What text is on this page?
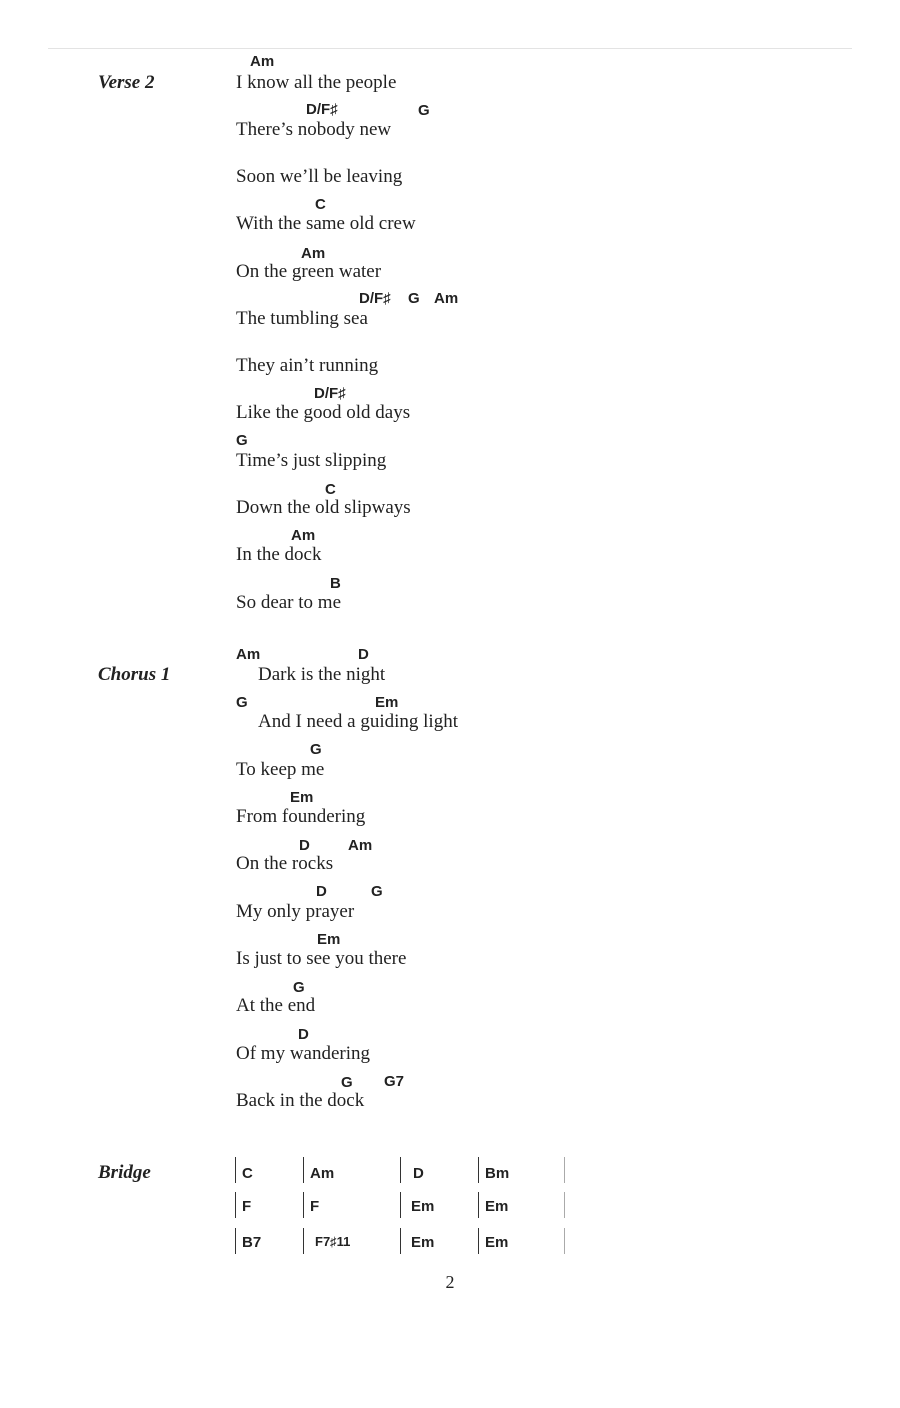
Verse 2
Am
I know all the people
D/F♯	G
There’s nobody new
Soon we’ll be leaving
C
With the same old crew
Am
On the green water
D/F♯ G Am
The tumbling sea
They ain’t running
D/F♯
Like the good old days
G
Time’s just slipping
C
Down the old slipways
Am
In the dock
B
So dear to me
Chorus 1
Am	D
Dark is the night
G	Em
And I need a guiding light
G
To keep me
Em
From foundering
D	Am
On the rocks
D	G
My only prayer
Em
Is just to see you there
G
At the end
D
Of my wandering
G G7
Back in the dock
Bridge	C	Am	D	Bm
F	F	Em	Em
B7	F7♯11	Em	Em
2
